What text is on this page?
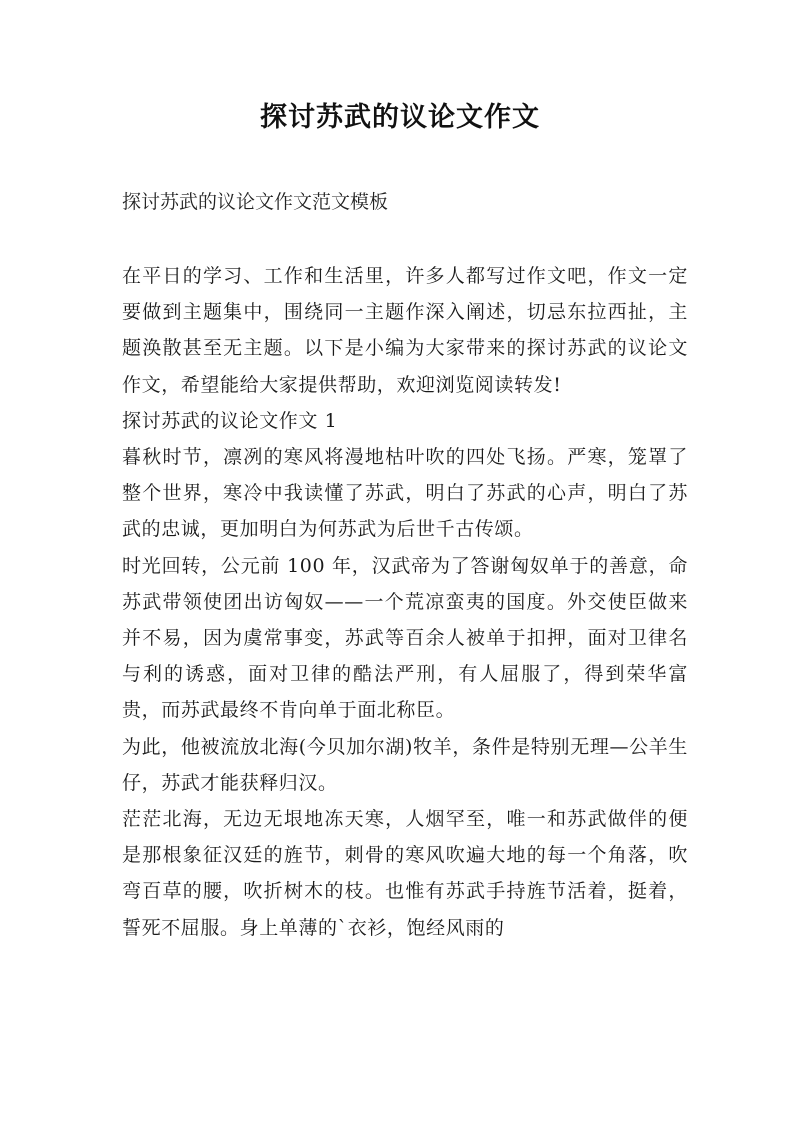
探讨苏武的议论文作文
探讨苏武的议论文作文范文模板

在平日的学习、工作和生活里，许多人都写过作文吧，作文一定要做到主题集中，围绕同一主题作深入阐述，切忌东拉西扯，主题涣散甚至无主题。以下是小编为大家带来的探讨苏武的议论文作文，希望能给大家提供帮助，欢迎浏览阅读转发!

探讨苏武的议论文作文 1

暮秋时节，凛冽的寒风将漫地枯叶吹的四处飞扬。严寒，笼罩了整个世界，寒冷中我读懂了苏武，明白了苏武的心声，明白了苏武的忠诚，更加明白为何苏武为后世千古传颂。

时光回转，公元前 100 年，汉武帝为了答谢匈奴单于的善意，命苏武带领使团出访匈奴——一个荒凉蛮夷的国度。外交使臣做来并不易，因为虞常事变，苏武等百余人被单于扣押，面对卫律名与利的诱惑，面对卫律的酷法严刑，有人屈服了，得到荣华富贵，而苏武最终不肯向单于面北称臣。

为此，他被流放北海(今贝加尔湖)牧羊，条件是特别无理—公羊生仔，苏武才能获释归汉。

茫茫北海，无边无垠地冻天寒，人烟罕至，唯一和苏武做伴的便是那根象征汉廷的旌节，刺骨的寒风吹遍大地的每一个角落，吹弯百草的腰，吹折树木的枝。也惟有苏武手持旌节活着，挺着，誓死不屈服。身上单薄的`衣衫，饱经风雨的
